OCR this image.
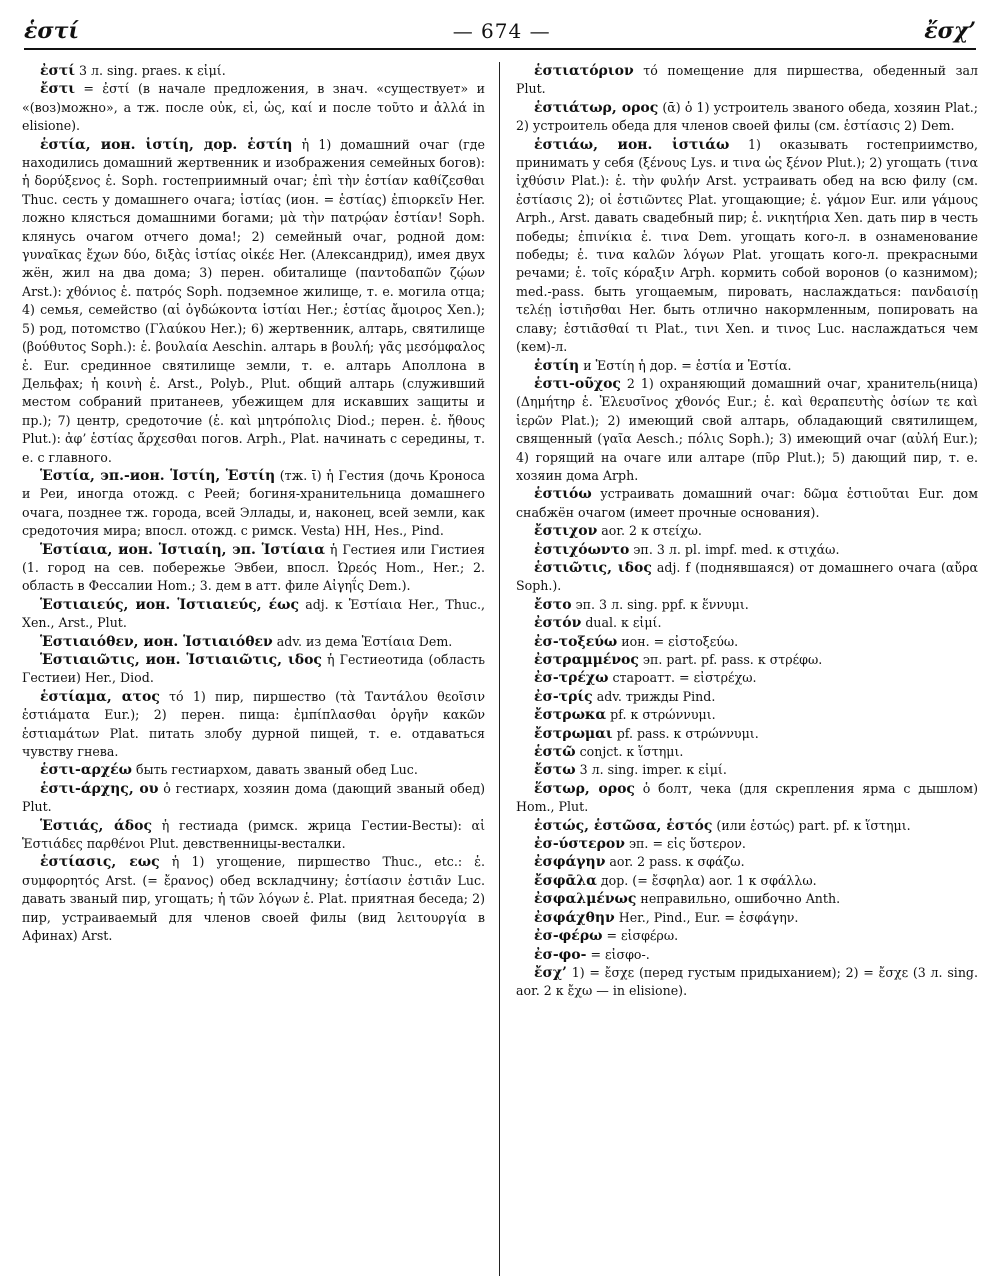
ἑστί	— 674 —	ἔσχ’

ἐστί 3 л. sing. praes. к εἰμί.

ἔστι = ἐστί (в начале предложения, в знач. «существует» и «(воз)можно», а тж. после οὐκ, εἰ, ὡς, καί и после τοῦτο и ἀλλά in elisione).

ἑστία, ион. ἱστίη, дор. ἑστίη ἡ 1) домашний очаг (где находились домашний жертвенник и изображения семейных богов): ἡ δορύξενος ἑ. Soph. гостеприимный очаг; ἐπὶ τὴν ἑστίαν καθίζεσθαι Thuc. сесть у домашнего очага; ἱστίας (ион. = ἑστίας) ἐπιορκεῖν Her. ложно клясться домашними богами; μὰ τὴν πατρῴαν ἑστίαν! Soph. клянусь очагом отчего дома!; 2) семейный очаг, родной дом: γυναῖκας ἔχων δύο, διξὰς ἱστίας οἰκέε Her. (Александрид), имея двух жён, жил на два дома; 3) перен. обиталище (παντοδαπῶν ζῴων Arst.): χθόνιος ἑ. πατρός Soph. подземное жилище, т. е. могила отца; 4) семья, семейство (αἱ ὀγδώκοντα ἱστίαι Her.; ἑστίας ἄμοιρος Xen.); 5) род, потомство (Γλαύκου Her.); 6) жертвенник, алтарь, святилище (βούθυτος Soph.): ἑ. βουλαία Aeschin. алтарь в βουλή; γᾶς μεσόμφαλος ἑ. Eur. срединное святилище земли, т. е. алтарь Аполлона в Дельфах; ἡ κοινὴ ἑ. Arst., Polyb., Plut. общий алтарь (служивший местом собраний пританеев, убежищем для искавших защиты и пр.); 7) центр, средоточие (ἑ. καὶ μητρόπολις Diod.; перен. ἑ. ἤθους Plut.): ἀφ’ ἑστίας ἄρχεσθαι погов. Arph., Plat. начинать с середины, т. е. с главного.

Ἑστία, эп.-ион. Ἱστίη, Ἑστίη (тж. ῑ) ἡ Гестия (дочь Кроноса и Реи, иногда отожд. с Реей; богиня-хранительница домашнего очага, позднее тж. города, всей Эллады, и, наконец, всей земли, как средоточия мира; впосл. отожд. с римск. Vesta) HH, Hes., Pind.

Ἑστίαια, ион. Ἱστιαίη, эп. Ἱστίαια ἡ Гестиея или Гистиея (1. город на сев. побережье Эвбеи, впосл. Ὠρεός Hom., Her.; 2. область в Фессалии Hom.; 3. дем в атт. филе Αἰγηΐς Dem.).

Ἑστιαιεύς, ион. Ἱστιαιεύς, έως adj. к Ἑστίαια Her., Thuc., Xen., Arst., Plut.

Ἑστιαιόθεν, ион. Ἱστιαιόθεν adv. из дема Ἑστίαια Dem.

Ἑστιαιῶτις, ион. Ἱστιαιῶτις, ιδος ἡ Гестиеотида (область Гестиеи) Her., Diod.

ἑστίαμα, ατος τό 1) пир, пиршество (τὰ Ταντάλου θεοῖσιν ἑστιάματα Eur.); 2) перен. пища: ἐμπίπλασθαι ὀργῆν κακῶν ἑστιαμάτων Plat. питать злобу дурной пищей, т. е. отдаваться чувству гнева.

ἑστι-αρχέω быть гестиархом, давать званый обед Luc.

ἑστι-άρχης, ου ὁ гестиарх, хозяин дома (дающий званый обед) Plut.

Ἑστιάς, άδος ἡ гестиада (римск. жрица Гестии-Весты): αἱ Ἑστιάδες παρθένοι Plut. девственницы-весталки.

ἑστίασις, εως ἡ 1) угощение, пиршество Thuc., etc.: ἑ. συμφορητός Arst. (= ἔρανος) обед вскладчину; ἑστίασιν ἑστιᾶν Luc. давать званый пир, угощать; ἡ τῶν λόγων ἑ. Plat. приятная беседа; 2) пир, устраиваемый для членов своей филы (вид λειτουργία в Афинах) Arst.

ἑστιατόριον τό помещение для пиршества, обеденный зал Plut.

ἑστιάτωρ, ορος (ᾱ) ὁ 1) устроитель званого обеда, хозяин Plat.; 2) устроитель обеда для членов своей филы (см. ἑστίασις 2) Dem.

ἑστιάω, ион. ἱστιάω 1) оказывать гостеприимство, принимать у себя (ξένους Lys. и τινα ὡς ξένον Plut.); 2) угощать (τινα ἰχθύσιν Plat.): ἑ. τὴν φυλήν Arst. устраивать обед на всю филу (см. ἑστίασις 2); οἱ ἑστιῶντες Plat. угощающие; ἑ. γάμον Eur. или γάμους Arph., Arst. давать свадебный пир; ἑ. νικητήρια Xen. дать пир в честь победы; ἐπινίκια ἑ. τινα Dem. угощать кого-л. в ознаменование победы; ἑ. τινα καλῶν λόγων Plat. угощать кого-л. прекрасными речами; ἑ. τοῖς κόραξιν Arph. кормить собой воронов (о казнимом); med.-pass. быть угощаемым, пировать, наслаждаться: πανδαισίῃ τελέῃ ἱστιῆσθαι Her. быть отлично накормленным, попировать на славу; ἑστιᾶσθαί τι Plat., τινι Xen. и τινος Luc. наслаждаться чем (кем)-л.

ἑστίη и Ἑστίη ἡ дор. = ἑστία и Ἑστία.

ἑστι-οῦχος 2 1) охраняющий домашний очаг, хранитель(ница) (Δημήτηρ ἑ. Ἐλευσῖνος χθονός Eur.; ἑ. καὶ θεραπευτὴς ὁσίων τε καὶ ἱερῶν Plat.); 2) имеющий свой алтарь, обладающий святилищем, священный (γαῖα Aesch.; πόλις Soph.); 3) имеющий очаг (αὐλή Eur.); 4) горящий на очаге или алтаре (πῦρ Plut.); 5) дающий пир, т. е. хозяин дома Arph.

ἑστιόω устраивать домашний очаг: δῶμα ἑστιοῦται Eur. дом снабжён очагом (имеет прочные основания).

ἔστιχον aor. 2 к στείχω.

ἐστιχόωντο эп. 3 л. pl. impf. med. к στιχάω.

ἑστιῶτις, ιδος adj. f (поднявшаяся) от домашнего очага (αὔρα Soph.).

ἔστο эп. 3 л. sing. ppf. к ἕννυμι.

ἐστόν dual. к εἰμί.

ἐσ-τοξεύω ион. = εἰστοξεύω.

ἐστραμμένος эп. part. pf. pass. к στρέφω.

ἐσ-τρέχω староатт. = εἰστρέχω.

ἐσ-τρίς adv. трижды Pind.

ἔστρωκα pf. к στρώννυμι.

ἔστρωμαι pf. pass. к στρώννυμι.

ἑστῶ conjct. к ἵστημι.

ἔστω 3 л. sing. imper. к εἰμί.

ἕστωρ, ορος ὁ болт, чека (для скрепления ярма с дышлом) Hom., Plut.

ἑστώς, ἑστῶσα, ἑστός (или ἑστώς) part. pf. к ἵστημι.

ἐσ-ύστερον эп. = εἰς ὕστερον.

ἐσφάγην aor. 2 pass. к σφάζω.

ἔσφᾱλα дор. (= ἔσφηλα) aor. 1 к σφάλλω.

ἐσφαλμένως неправильно, ошибочно Anth.

ἐσφάχθην Her., Pind., Eur. = ἐσφάγην.

ἐσ-φέρω = εἰσφέρω.

ἐσ-φο- = εἰσφο-.

ἔσχ’ 1) = ἔσχε (перед густым придыханием); 2) = ἔσχε (3 л. sing. aor. 2 к ἔχω — in elisione).
